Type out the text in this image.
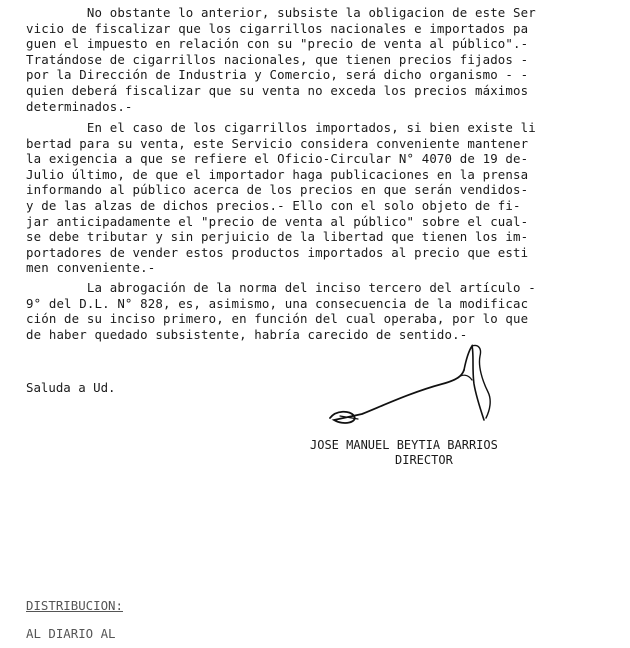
No obstante lo anterior, subsiste la obligacion de este Ser
vicio de fiscalizar que los cigarrillos nacionales e importados pa
guen el impuesto en relación con su "precio de venta al público".-
Tratándose de cigarrillos nacionales, que tienen precios fijados -
por la Dirección de Industria y Comercio, será dicho organismo - -
quien deberá fiscalizar que su venta no exceda los precios máximos
determinados.-

En el caso de los cigarrillos importados, si bien existe li
bertad para su venta, este Servicio considera conveniente mantener
la exigencia a que se refiere el Oficio-Circular N° 4070 de 19 de-
Julio último, de que el importador haga publicaciones en la prensa
informando al público acerca de los precios en que serán vendidos-
y de las alzas de dichos precios.- Ello con el solo objeto de fi-
jar anticipadamente el "precio de venta al público" sobre el cual-
se debe tributar y sin perjuicio de la libertad que tienen los im-
portadores de vender estos productos importados al precio que esti
men conveniente.-

La abrogación de la norma del inciso tercero del artículo -
9° del D.L. N° 828, es, asimismo, una consecuencia de la modificac
ción de su inciso primero, en función del cual operaba, por lo que
de haber quedado subsistente, habría carecido de sentido.-

Saluda a Ud.
JOSE MANUEL BEYTIA BARRIOS
DIRECTOR
DISTRIBUCION:
AL DIARIO AL
